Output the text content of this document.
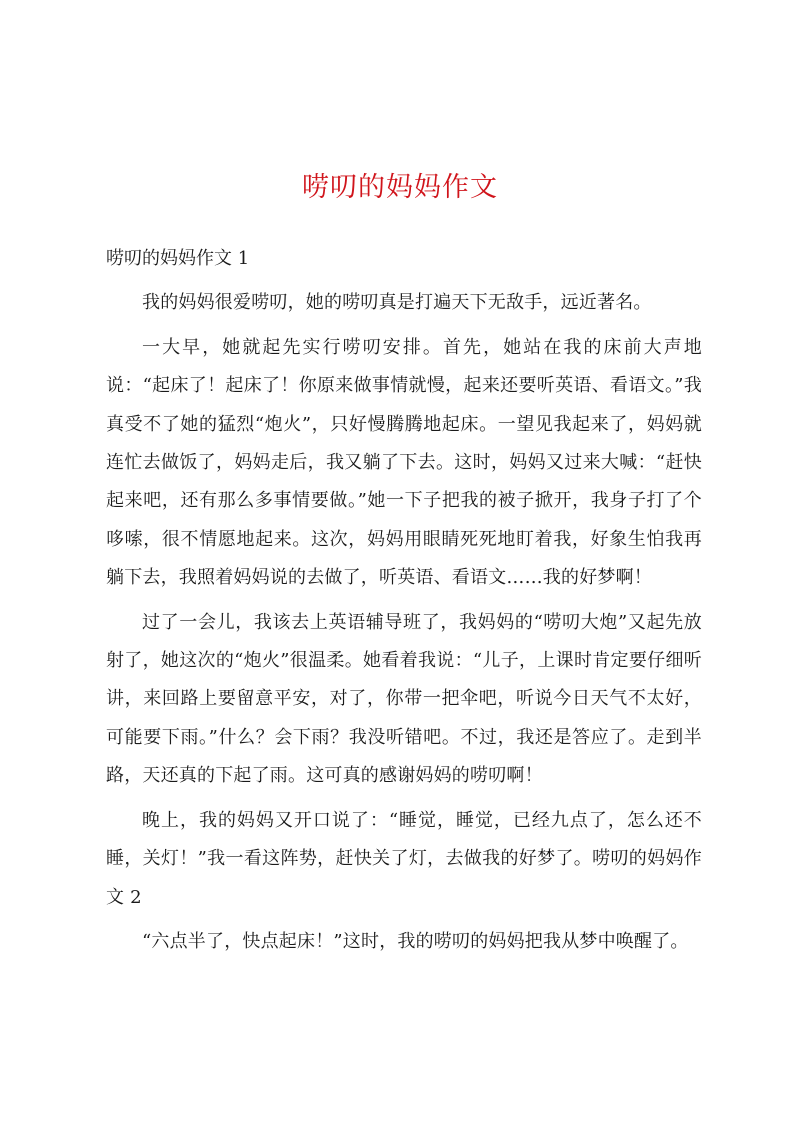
唠叨的妈妈作文
唠叨的妈妈作文 1

我的妈妈很爱唠叨，她的唠叨真是打遍天下无敌手，远近著名。

一大早，她就起先实行唠叨安排。首先，她站在我的床前大声地说：“起床了！起床了！你原来做事情就慢，起来还要听英语、看语文。”我真受不了她的猛烈“炮火”，只好慢腾腾地起床。一望见我起来了，妈妈就连忙去做饭了，妈妈走后，我又躺了下去。这时，妈妈又过来大喊：“赶快起来吧，还有那么多事情要做。”她一下子把我的被子掀开，我身子打了个哆嗦，很不情愿地起来。这次，妈妈用眼睛死死地盯着我，好象生怕我再躺下去，我照着妈妈说的去做了，听英语、看语文……我的好梦啊！

过了一会儿，我该去上英语辅导班了，我妈妈的“唠叨大炮”又起先放射了，她这次的“炮火”很温柔。她看着我说：“儿子，上课时肯定要仔细听讲，来回路上要留意平安，对了，你带一把伞吧，听说今日天气不太好，可能要下雨。”什么？会下雨？我没听错吧。不过，我还是答应了。走到半路，天还真的下起了雨。这可真的感谢妈妈的唠叨啊！

晚上，我的妈妈又开口说了：“睡觉，睡觉，已经九点了，怎么还不睡，关灯！”我一看这阵势，赶快关了灯，去做我的好梦了。唠叨的妈妈作文 2

“六点半了，快点起床！”这时，我的唠叨的妈妈把我从梦中唤醒了。
